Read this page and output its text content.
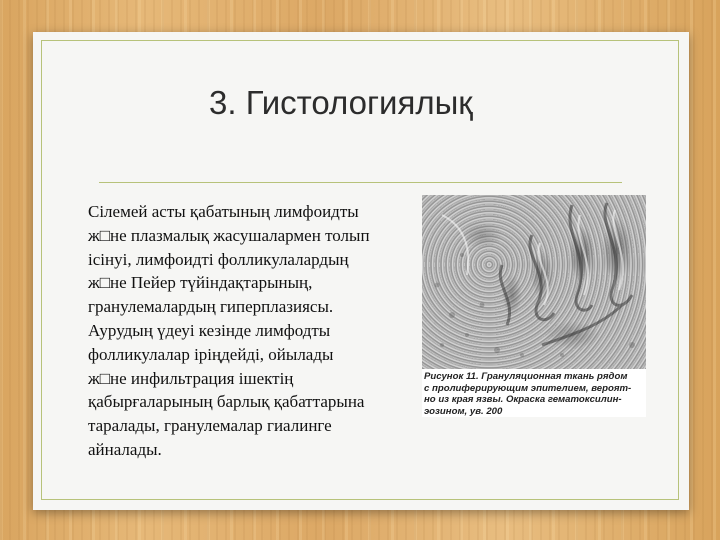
3. Гистологиялық
Сілемей асты қабатының лимфоидты
ж□не плазмалық жасушалармен толып
ісінуі, лимфоидті фолликулалардың
ж□не Пейер түйіндақтарының,
гранулемалардың гиперплазиясы.
Аурудың үдеуі кезінде лимфодты
фолликулалар іріңдейді, ойылады
ж□не инфильтрация ішектің
қабырғаларының барлық қабаттарына
таралады, гранулемалар гиалинге
айналады.
Рисунок 11. Грануляционная ткань рядом
с пролиферирующим эпителием, вероят-
но из края язвы. Окраска гематоксилин-
эозином, ув. 200
